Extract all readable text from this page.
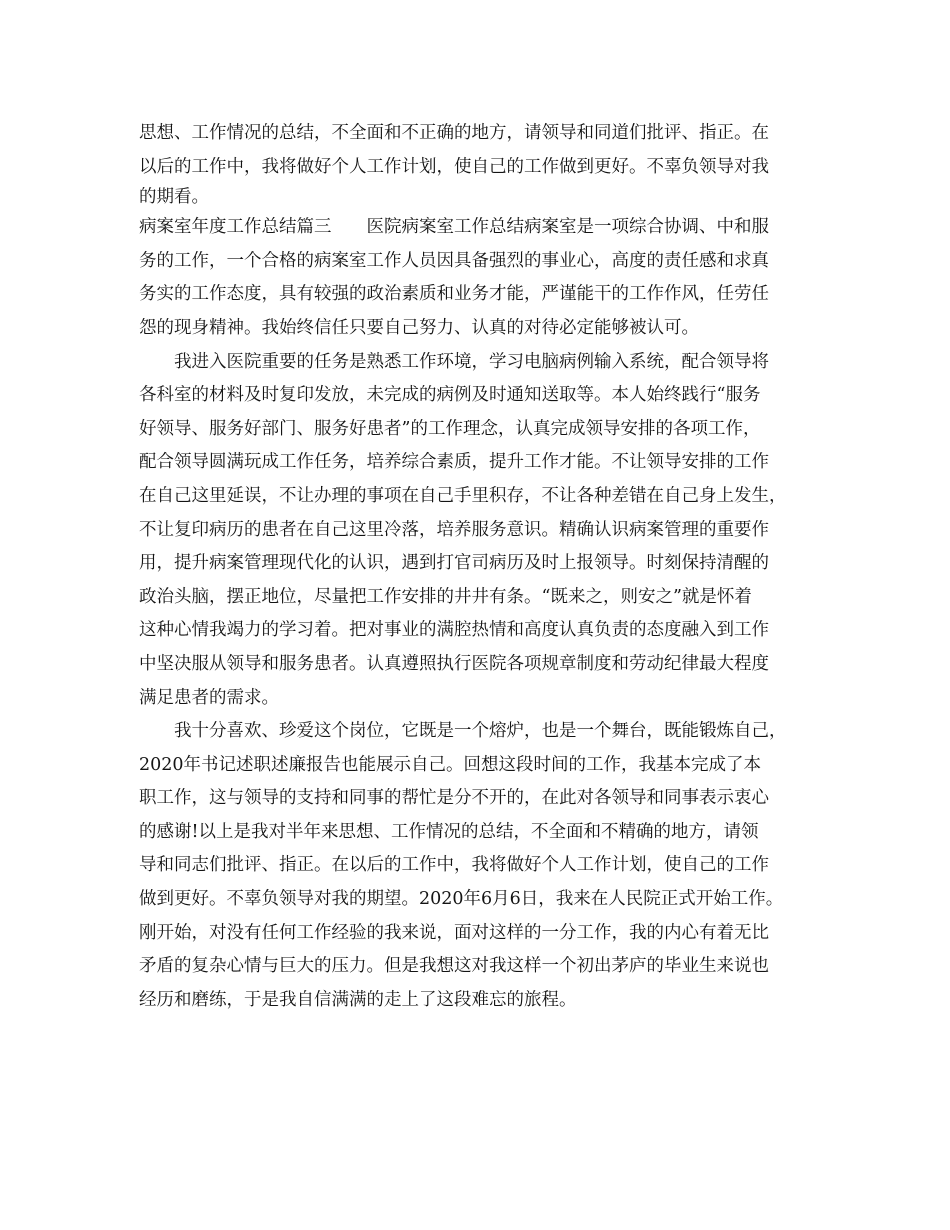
思想、工作情况的总结，不全面和不正确的地方，请领导和同道们批评、指正。在
以后的工作中，我将做好个人工作计划，使自己的工作做到更好。不辜负领导对我
的期看。
病案室年度工作总结篇三　　医院病案室工作总结病案室是一项综合协调、中和服
务的工作，一个合格的病案室工作人员因具备强烈的事业心，高度的责任感和求真
务实的工作态度，具有较强的政治素质和业务才能，严谨能干的工作作风，任劳任
怨的现身精神。我始终信任只要自己努力、认真的对待必定能够被认可。
　　我进入医院重要的任务是熟悉工作环境，学习电脑病例输入系统，配合领导将
各科室的材料及时复印发放，未完成的病例及时通知送取等。本人始终践行“服务
好领导、服务好部门、服务好患者”的工作理念，认真完成领导安排的各项工作，
配合领导圆满玩成工作任务，培养综合素质，提升工作才能。不让领导安排的工作
在自己这里延误，不让办理的事项在自己手里积存，不让各种差错在自己身上发生，
不让复印病历的患者在自己这里冷落，培养服务意识。精确认识病案管理的重要作
用，提升病案管理现代化的认识，遇到打官司病历及时上报领导。时刻保持清醒的
政治头脑，摆正地位，尽量把工作安排的井井有条。“既来之，则安之”就是怀着
这种心情我竭力的学习着。把对事业的满腔热情和高度认真负责的态度融入到工作
中坚决服从领导和服务患者。认真遵照执行医院各项规章制度和劳动纪律最大程度
满足患者的需求。
　　我十分喜欢、珍爱这个岗位，它既是一个熔炉，也是一个舞台，既能锻炼自己，
2020年书记述职述廉报告也能展示自己。回想这段时间的工作，我基本完成了本
职工作，这与领导的支持和同事的帮忙是分不开的，在此对各领导和同事表示衷心
的感谢!以上是我对半年来思想、工作情况的总结，不全面和不精确的地方，请领
导和同志们批评、指正。在以后的工作中，我将做好个人工作计划，使自己的工作
做到更好。不辜负领导对我的期望。2020年6月6日，我来在人民院正式开始工作。
刚开始，对没有任何工作经验的我来说，面对这样的一分工作，我的内心有着无比
矛盾的复杂心情与巨大的压力。但是我想这对我这样一个初出茅庐的毕业生来说也
经历和磨练，于是我自信满满的走上了这段难忘的旅程。
